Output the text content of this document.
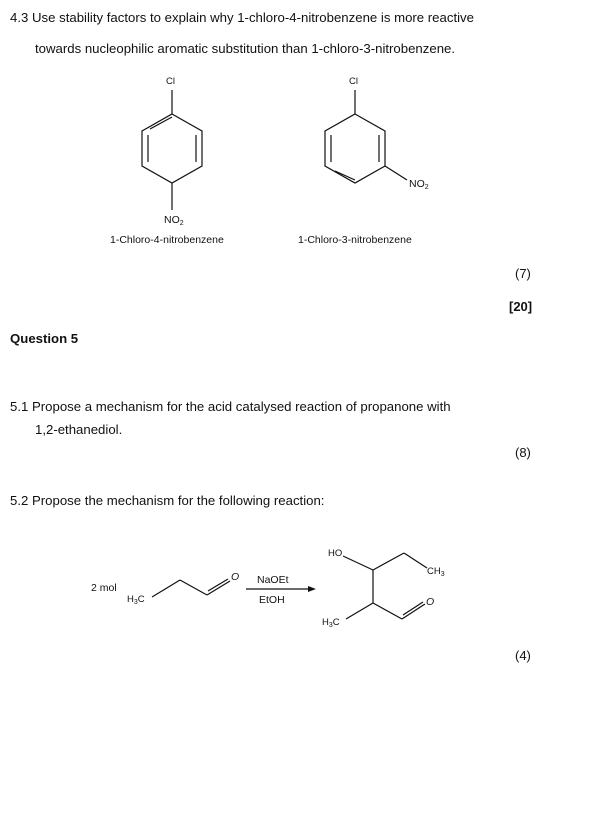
4.3 Use stability factors to explain why 1-chloro-4-nitrobenzene is more reactive
towards nucleophilic aromatic substitution than 1-chloro-3-nitrobenzene.
Cl
$NO_2$
1-Chloro-4-nitrobenzene
Cl
$NO_2$
1-Chloro-3-nitrobenzene
(7)
[20]
Question 5
5.1 Propose a mechanism for the acid catalysed reaction of propanone with
1,2-ethanediol.
(8)
5.2 Propose the mechanism for the following reaction:
2 mol
$H_3C$
O NaOEt
EtOH
HO
$CH_3$
$H_3C$
O
(4)
